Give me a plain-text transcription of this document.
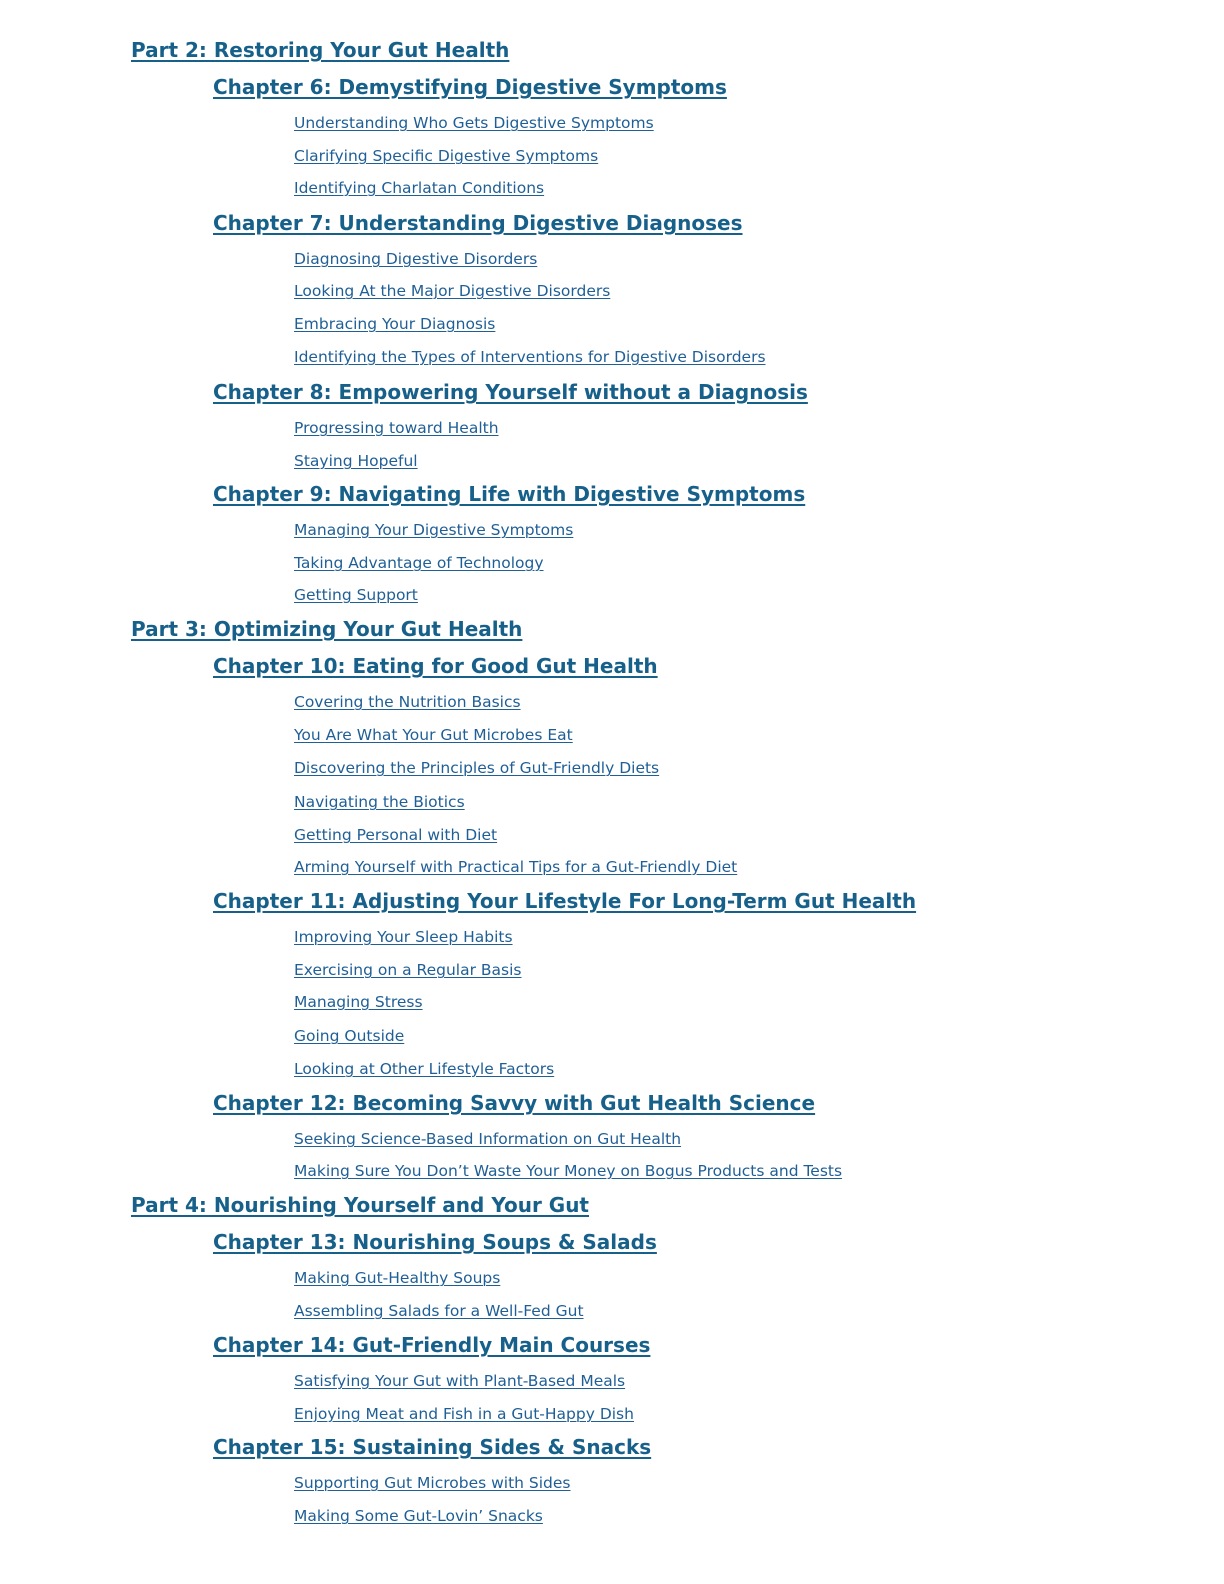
Part 2: Restoring Your Gut Health
Chapter 6: Demystifying Digestive Symptoms
Understanding Who Gets Digestive Symptoms
Clarifying Specific Digestive Symptoms
Identifying Charlatan Conditions
Chapter 7: Understanding Digestive Diagnoses
Diagnosing Digestive Disorders
Looking At the Major Digestive Disorders
Embracing Your Diagnosis
Identifying the Types of Interventions for Digestive Disorders
Chapter 8: Empowering Yourself without a Diagnosis
Progressing toward Health
Staying Hopeful
Chapter 9: Navigating Life with Digestive Symptoms
Managing Your Digestive Symptoms
Taking Advantage of Technology
Getting Support
Part 3: Optimizing Your Gut Health
Chapter 10: Eating for Good Gut Health
Covering the Nutrition Basics
You Are What Your Gut Microbes Eat
Discovering the Principles of Gut-Friendly Diets
Navigating the Biotics
Getting Personal with Diet
Arming Yourself with Practical Tips for a Gut-Friendly Diet
Chapter 11: Adjusting Your Lifestyle For Long-Term Gut Health
Improving Your Sleep Habits
Exercising on a Regular Basis
Managing Stress
Going Outside
Looking at Other Lifestyle Factors
Chapter 12: Becoming Savvy with Gut Health Science
Seeking Science-Based Information on Gut Health
Making Sure You Don’t Waste Your Money on Bogus Products and Tests
Part 4: Nourishing Yourself and Your Gut
Chapter 13: Nourishing Soups & Salads
Making Gut-Healthy Soups
Assembling Salads for a Well-Fed Gut
Chapter 14: Gut-Friendly Main Courses
Satisfying Your Gut with Plant-Based Meals
Enjoying Meat and Fish in a Gut-Happy Dish
Chapter 15: Sustaining Sides & Snacks
Supporting Gut Microbes with Sides
Making Some Gut-Lovin’ Snacks
